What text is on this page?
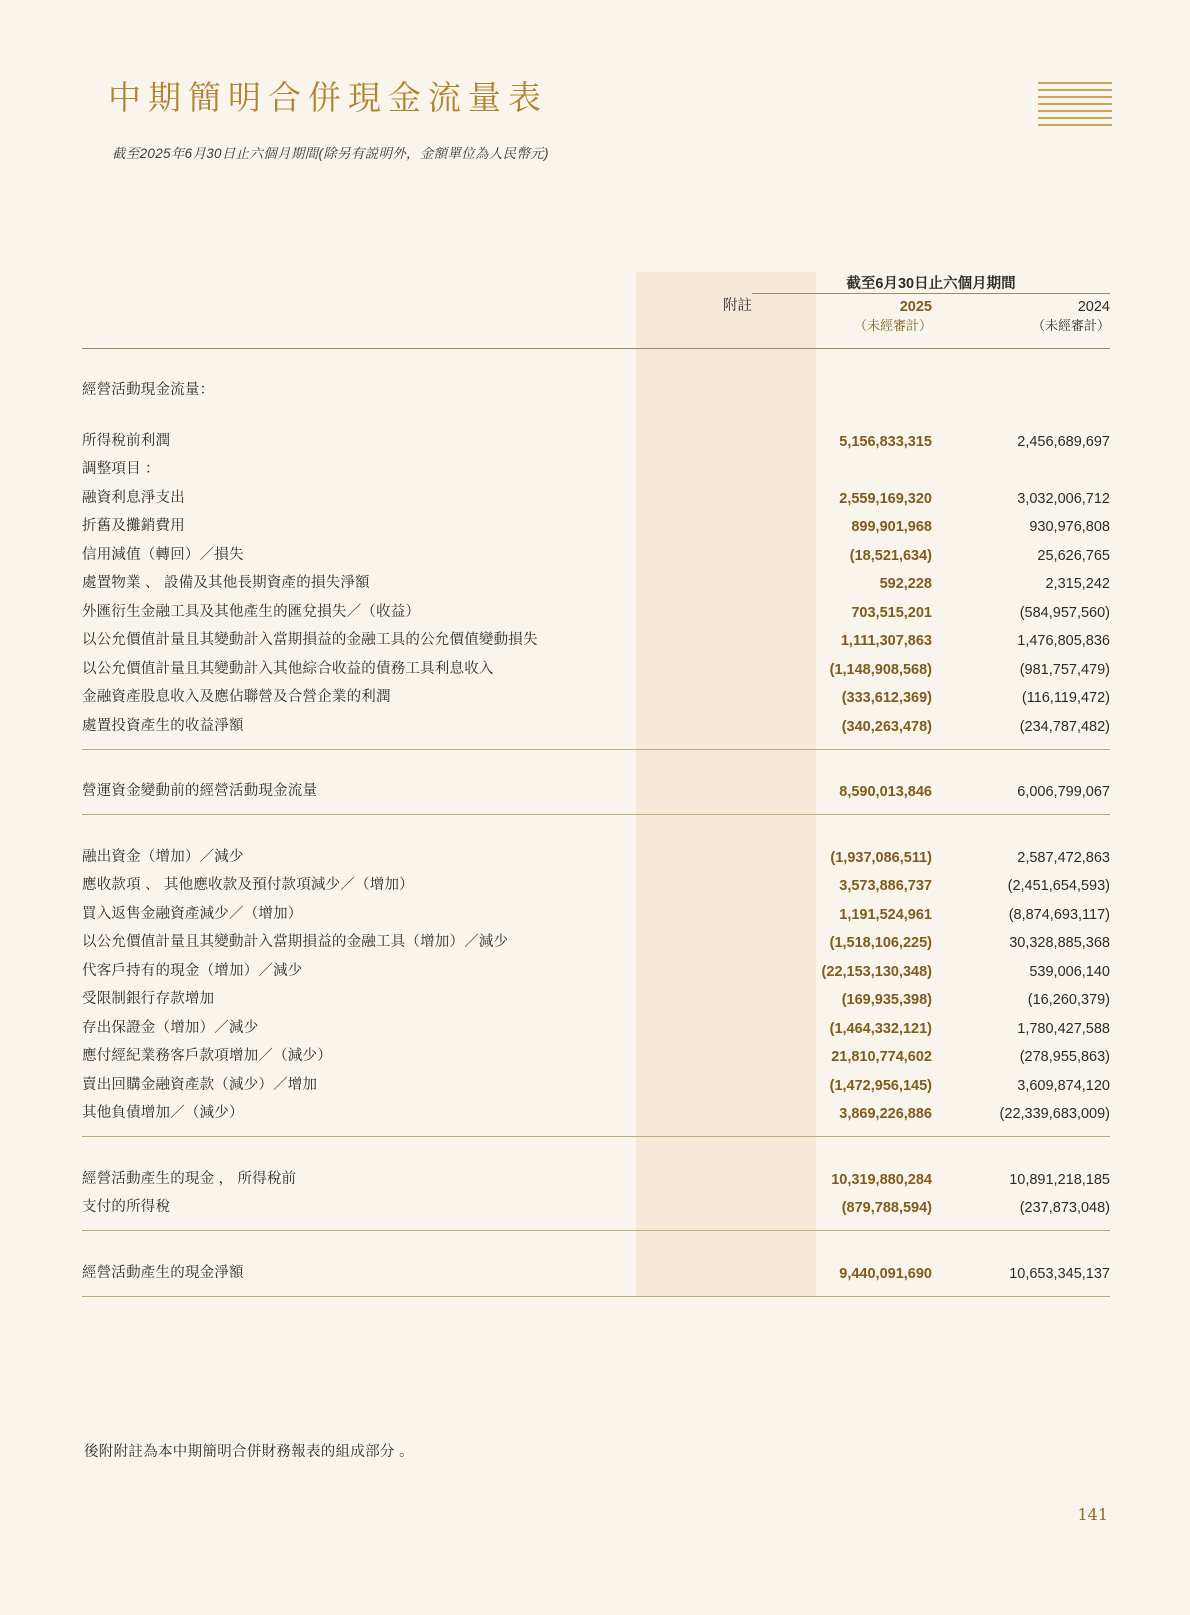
中期簡明合併現金流量表
截至2025年6月30日止六個月期間(除另有説明外，金額單位為人民幣元)
		截至6月30日止六個月期間	
	附註	2025	2024
		（未經審計）	（未經審計）

經營活動現金流量：			

所得稅前利潤		5,156,833,315	2,456,689,697
調整項目 ：			
融資利息淨支出		2,559,169,320	3,032,006,712
折舊及攤銷費用		899,901,968	930,976,808
信用減值（轉回）／損失		(18,521,634)	25,626,765
處置物業 、 設備及其他長期資產的損失淨額		592,228	2,315,242
外匯衍生金融工具及其他產生的匯兌損失／（收益）		703,515,201	(584,957,560)
以公允價值計量且其變動計入當期損益的金融工具的公允價值變動損失		1,111,307,863	1,476,805,836
以公允價值計量且其變動計入其他綜合收益的債務工具利息收入		(1,148,908,568)	(981,757,479)
金融資產股息收入及應佔聯營及合營企業的利潤		(333,612,369)	(116,119,472)
處置投資產生的收益淨額		(340,263,478)	(234,787,482)

營運資金變動前的經營活動現金流量		8,590,013,846	6,006,799,067

融出資金（增加）／減少		(1,937,086,511)	2,587,472,863
應收款項 、 其他應收款及預付款項減少／（增加）		3,573,886,737	(2,451,654,593)
買入返售金融資產減少／（增加）		1,191,524,961	(8,874,693,117)
以公允價值計量且其變動計入當期損益的金融工具（增加）／減少		(1,518,106,225)	30,328,885,368
代客戶持有的現金（增加）／減少		(22,153,130,348)	539,006,140
受限制銀行存款增加		(169,935,398)	(16,260,379)
存出保證金（增加）／減少		(1,464,332,121)	1,780,427,588
應付經紀業務客戶款項增加／（減少）		21,810,774,602	(278,955,863)
賣出回購金融資產款（減少）／增加		(1,472,956,145)	3,609,874,120
其他負債增加／（減少）		3,869,226,886	(22,339,683,009)

經營活動產生的現金 ， 所得稅前		10,319,880,284	10,891,218,185
支付的所得稅		(879,788,594)	(237,873,048)

經營活動產生的現金淨額		9,440,091,690	10,653,345,137

後附附註為本中期簡明合併財務報表的組成部分 。
141
